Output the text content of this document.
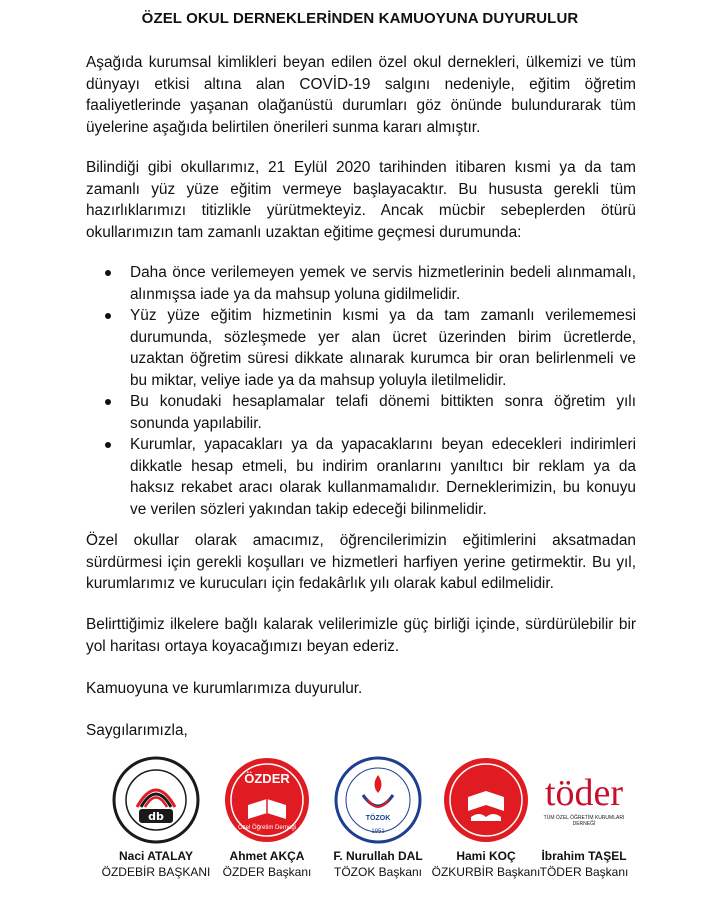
ÖZEL OKUL DERNEKLERİNDEN KAMUOYUNA DUYURULUR
Aşağıda kurumsal kimlikleri beyan edilen özel okul dernekleri, ülkemizi ve tüm dünyayı etkisi altına alan COVİD-19 salgını nedeniyle, eğitim öğretim faaliyetlerinde yaşanan olağanüstü durumları göz önünde bulundurarak tüm üyelerine aşağıda belirtilen önerileri sunma kararı almıştır.
Bilindiği gibi okullarımız, 21 Eylül 2020 tarihinden itibaren kısmi ya da tam zamanlı yüz yüze eğitim vermeye başlayacaktır. Bu hususta gerekli tüm hazırlıklarımızı titizlikle yürütmekteyiz. Ancak mücbir sebeplerden ötürü okullarımızın tam zamanlı uzaktan eğitime geçmesi durumunda:
Daha önce verilemeyen yemek ve servis hizmetlerinin bedeli alınmamalı, alınmışsa iade ya da mahsup yoluna gidilmelidir.
Yüz yüze eğitim hizmetinin kısmi ya da tam zamanlı verilememesi durumunda, sözleşmede yer alan ücret üzerinden birim ücretlerde, uzaktan öğretim süresi dikkate alınarak kurumca bir oran belirlenmeli ve bu miktar, veliye iade ya da mahsup yoluyla iletilmelidir.
Bu konudaki hesaplamalar telafi dönemi bittikten sonra öğretim yılı sonunda yapılabilir.
Kurumlar, yapacakları ya da yapacaklarını beyan edecekleri indirimleri dikkatle hesap etmeli, bu indirim oranlarını yanıltıcı bir reklam ya da haksız rekabet aracı olarak kullanmamalıdır. Derneklerimizin, bu konuyu ve verilen sözleri yakından takip edeceği bilinmelidir.
Özel okullar olarak amacımız, öğrencilerimizin eğitimlerini aksatmadan sürdürmesi için gerekli koşulları ve hizmetleri harfiyen yerine getirmektir. Bu yıl, kurumlarımız ve kurucuları için fedakârlık yılı olarak kabul edilmelidir.
Belirttiğimiz ilkelere bağlı kalarak velilerimizle güç birliği içinde, sürdürülebilir bir yol haritası ortaya koyacağımızı beyan ederiz.
Kamuoyuna ve kurumlarımıza duyurulur.
Saygılarımızla,
db
ÖZDER
Özel Öğretim Derneği
TÖZOK
1951
töder
TÜM ÖZEL ÖĞRETİM KURUMLARI DERNEĞİ
Naci ATALAY
ÖZDEBİR BAŞKANI
Ahmet AKÇA
ÖZDER Başkanı
F. Nurullah DAL
TÖZOK Başkanı
Hami KOÇ
ÖZKURBİR Başkanı
İbrahim TAŞEL
TÖDER Başkanı
